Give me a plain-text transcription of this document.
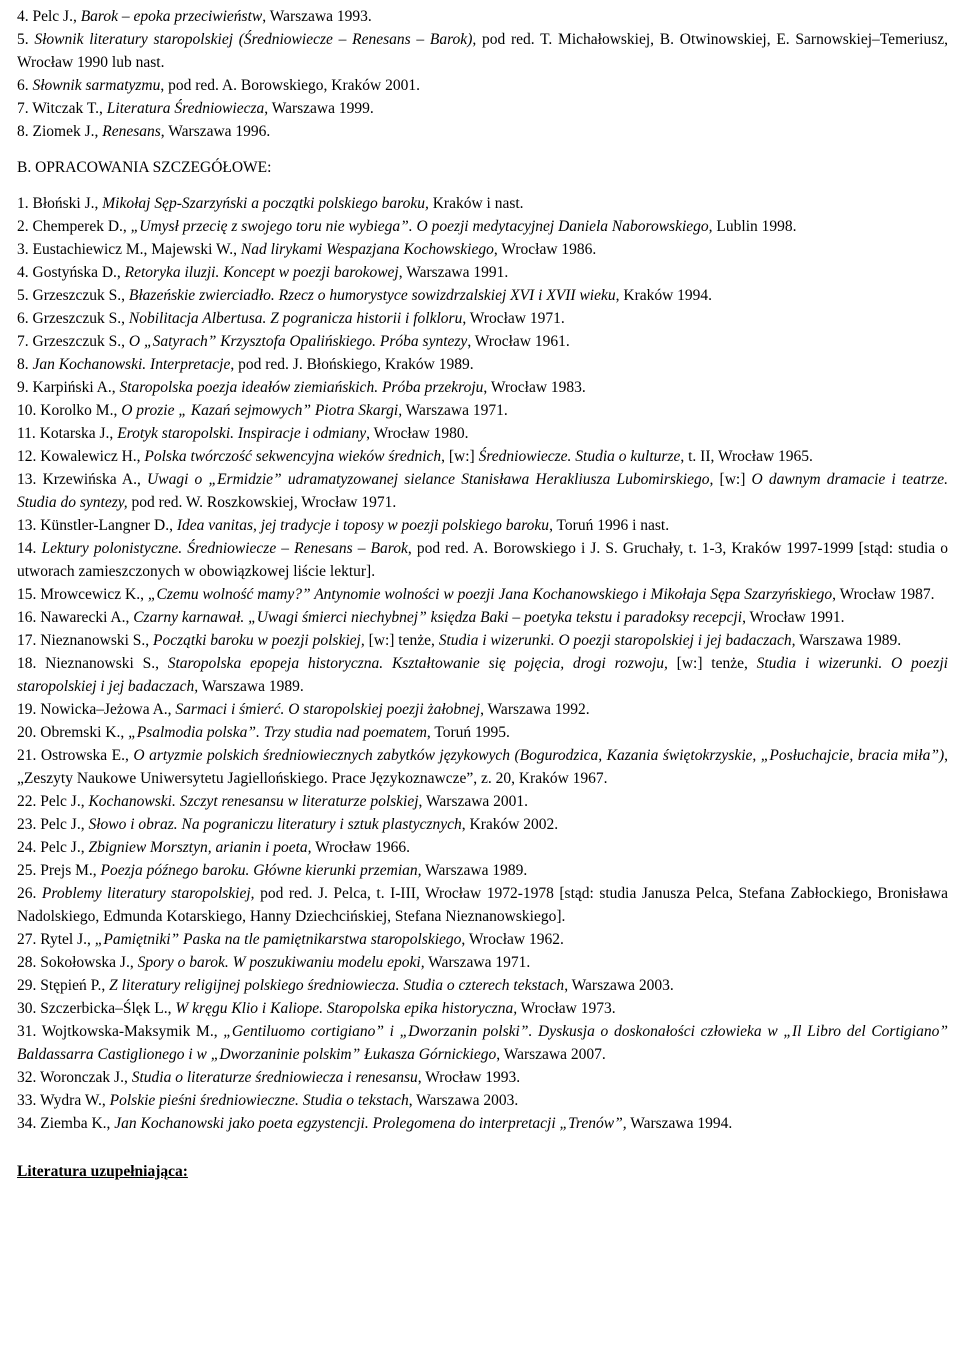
4. Pelc J., Barok – epoka przeciwieństw, Warszawa 1993.

5. Słownik literatury staropolskiej (Średniowiecze – Renesans – Barok), pod red. T. Michałowskiej, B. Otwinowskiej, E. Sarnowskiej–Temeriusz, Wrocław 1990 lub nast.

6. Słownik sarmatyzmu, pod red. A. Borowskiego, Kraków 2001.

7. Witczak T., Literatura Średniowiecza, Warszawa 1999.

8. Ziomek J., Renesans, Warszawa 1996.

B. OPRACOWANIA SZCZEGÓŁOWE:

1. Błoński J., Mikołaj Sęp-Szarzyński a początki polskiego baroku, Kraków i nast.

2. Chemperek D., „Umysł przecię z swojego toru nie wybiega”. O poezji medytacyjnej Daniela Naborowskiego, Lublin 1998.

3. Eustachiewicz M., Majewski W., Nad lirykami Wespazjana Kochowskiego, Wrocław 1986.

4. Gostyńska D., Retoryka iluzji. Koncept w poezji barokowej, Warszawa 1991.

5. Grzeszczuk S., Błazeńskie zwierciadło. Rzecz o humorystyce sowizdrzalskiej XVI i XVII wieku, Kraków 1994.

6. Grzeszczuk S., Nobilitacja Albertusa. Z pogranicza historii i folkloru, Wrocław 1971.

7. Grzeszczuk S., O „Satyrach” Krzysztofa Opalińskiego. Próba syntezy, Wrocław 1961.

8. Jan Kochanowski. Interpretacje, pod red. J. Błońskiego, Kraków 1989.

9. Karpiński A., Staropolska poezja ideałów ziemiańskich. Próba przekroju, Wrocław 1983.

10. Korolko M., O prozie „ Kazań sejmowych” Piotra Skargi, Warszawa 1971.

11. Kotarska J., Erotyk staropolski. Inspiracje i odmiany, Wrocław 1980.

12. Kowalewicz H., Polska twórczość sekwencyjna wieków średnich, [w:] Średniowiecze. Studia o kulturze, t. II, Wrocław 1965.

13. Krzewińska A., Uwagi o „Ermidzie” udramatyzowanej sielance Stanisława Herakliusza Lubomirskiego, [w:] O dawnym dramacie i teatrze. Studia do syntezy, pod red. W. Roszkowskiej, Wrocław 1971.

13. Künstler-Langner D., Idea vanitas, jej tradycje i toposy w poezji polskiego baroku, Toruń 1996 i nast.

14. Lektury polonistyczne. Średniowiecze – Renesans – Barok, pod red. A. Borowskiego i J. S. Gruchały, t. 1-3, Kraków 1997-1999 [stąd: studia o utworach zamieszczonych w obowiązkowej liście lektur].

15. Mrowcewicz K., „Czemu wolność mamy?” Antynomie wolności w poezji Jana Kochanowskiego i Mikołaja Sępa Szarzyńskiego, Wrocław 1987.

16. Nawarecki A., Czarny karnawał. „Uwagi śmierci niechybnej” księdza Baki – poetyka tekstu i paradoksy recepcji, Wrocław 1991.

17. Nieznanowski S., Początki baroku w poezji polskiej, [w:] tenże, Studia i wizerunki. O poezji staropolskiej i jej badaczach, Warszawa 1989.

18. Nieznanowski S., Staropolska epopeja historyczna. Kształtowanie się pojęcia, drogi rozwoju, [w:] tenże, Studia i wizerunki. O poezji staropolskiej i jej badaczach, Warszawa 1989.

19. Nowicka–Jeżowa A., Sarmaci i śmierć. O staropolskiej poezji żałobnej, Warszawa 1992.

20. Obremski K., „Psalmodia polska”. Trzy studia nad poematem, Toruń 1995.

21. Ostrowska E., O artyzmie polskich średniowiecznych zabytków językowych (Bogurodzica, Kazania świętokrzyskie, „Posłuchajcie, bracia miła”), „Zeszyty Naukowe Uniwersytetu Jagiellońskiego. Prace Językoznawcze”, z. 20, Kraków 1967.

22. Pelc J., Kochanowski. Szczyt renesansu w literaturze polskiej, Warszawa 2001.

23. Pelc J., Słowo i obraz. Na pograniczu literatury i sztuk plastycznych, Kraków 2002.

24. Pelc J., Zbigniew Morsztyn, arianin i poeta, Wrocław 1966.

25. Prejs M., Poezja późnego baroku. Główne kierunki przemian, Warszawa 1989.

26. Problemy literatury staropolskiej, pod red. J. Pelca, t. I-III, Wrocław 1972-1978 [stąd: studia Janusza Pelca, Stefana Zabłockiego, Bronisława Nadolskiego, Edmunda Kotarskiego, Hanny Dziechcińskiej, Stefana Nieznanowskiego].

27. Rytel J., „Pamiętniki” Paska na tle pamiętnikarstwa staropolskiego, Wrocław 1962.

28. Sokołowska J., Spory o barok. W poszukiwaniu modelu epoki, Warszawa 1971.

29. Stępień P., Z literatury religijnej polskiego średniowiecza. Studia o czterech tekstach, Warszawa 2003.

30. Szczerbicka–Ślęk L., W kręgu Klio i Kaliope. Staropolska epika historyczna, Wrocław 1973.

31. Wojtkowska-Maksymik M., „Gentiluomo cortigiano” i „Dworzanin polski”. Dyskusja o doskonałości człowieka w „Il Libro del Cortigiano” Baldassarra Castiglionego i w „Dworzaninie polskim” Łukasza Górnickiego, Warszawa 2007.

32. Woronczak J., Studia o literaturze średniowiecza i renesansu, Wrocław 1993.

33. Wydra W., Polskie pieśni średniowieczne. Studia o tekstach, Warszawa 2003.

34. Ziemba K., Jan Kochanowski jako poeta egzystencji. Prolegomena do interpretacji „Trenów”, Warszawa 1994.

Literatura uzupełniająca:
